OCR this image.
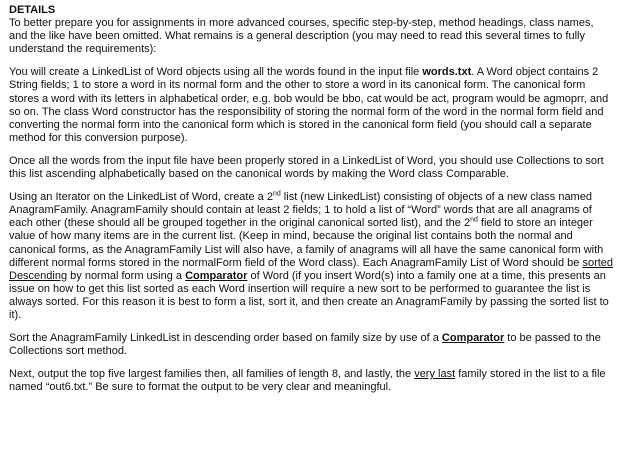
DETAILS

To better prepare you for assignments in more advanced courses, specific step-by-step, method headings, class names, and the like have been omitted. What remains is a general description (you may need to read this several times to fully understand the requirements):

You will create a LinkedList of Word objects using all the words found in the input file words.txt. A Word object contains 2 String fields; 1 to store a word in its normal form and the other to store a word in its canonical form. The canonical form stores a word with its letters in alphabetical order, e.g. bob would be bbo, cat would be act, program would be agmoprr, and so on. The class Word constructor has the responsibility of storing the normal form of the word in the normal form field and converting the normal form into the canonical form which is stored in the canonical form field (you should call a separate method for this conversion purpose).

Once all the words from the input file have been properly stored in a LinkedList of Word, you should use Collections to sort this list ascending alphabetically based on the canonical words by making the Word class Comparable.

Using an Iterator on the LinkedList of Word, create a 2nd list (new LinkedList) consisting of objects of a new class named AnagramFamily. AnagramFamily should contain at least 2 fields; 1 to hold a list of “Word” words that are all anagrams of each other (these should all be grouped together in the original canonical sorted list), and the 2nd field to store an integer value of how many items are in the current list. (Keep in mind, because the original list contains both the normal and canonical forms, as the AnagramFamily List will also have, a family of anagrams will all have the same canonical form with different normal forms stored in the normalForm field of the Word class). Each AnagramFamily List of Word should be sorted Descending by normal form using a Comparator of Word (if you insert Word(s) into a family one at a time, this presents an issue on how to get this list sorted as each Word insertion will require a new sort to be performed to guarantee the list is always sorted. For this reason it is best to form a list, sort it, and then create an AnagramFamily by passing the sorted list to it).

Sort the AnagramFamily LinkedList in descending order based on family size by use of a Comparator to be passed to the Collections sort method.

Next, output the top five largest families then, all families of length 8, and lastly, the very last family stored in the list to a file named “out6.txt.” Be sure to format the output to be very clear and meaningful.
